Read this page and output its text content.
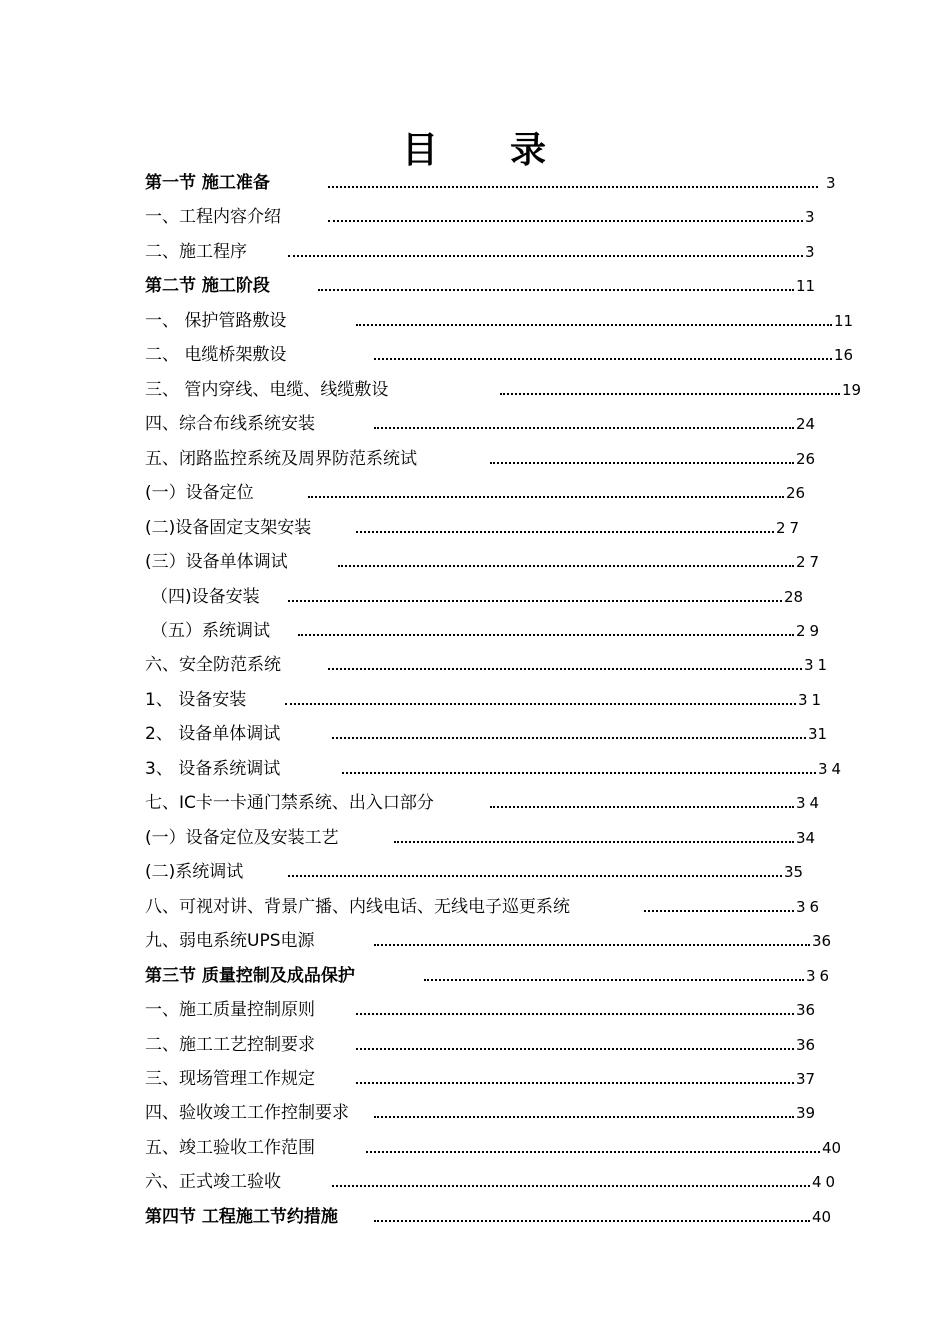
目 录
第一节 施工准备	3
一、工程内容介绍	3
二、施工程序	3
第二节 施工阶段	11
一、 保护管路敷设	11
二、 电缆桥架敷设	16
三、 管内穿线、电缆、线缆敷设	19
四、综合布线系统安装	24
五、闭路监控系统及周界防范系统试	26
(一）设备定位	26
(二)设备固定支架安装	27
(三）设备单体调试	27
（四)设备安装	28
（五）系统调试	29
六、安全防范系统	31
1、 设备安装	31
2、 设备单体调试	31
3、 设备系统调试	34
七、IC卡一卡通门禁系统、出入口部分	34
(一）设备定位及安装工艺	34
(二)系统调试	35
八、可视对讲、背景广播、内线电话、无线电子巡更系统	36
九、弱电系统UPS电源	36
第三节 质量控制及成品保护	36
一、施工质量控制原则	36
二、施工工艺控制要求	36
三、现场管理工作规定	37
四、验收竣工工作控制要求	39
五、竣工验收工作范围	40
六、正式竣工验收	40
第四节 工程施工节约措施	40
